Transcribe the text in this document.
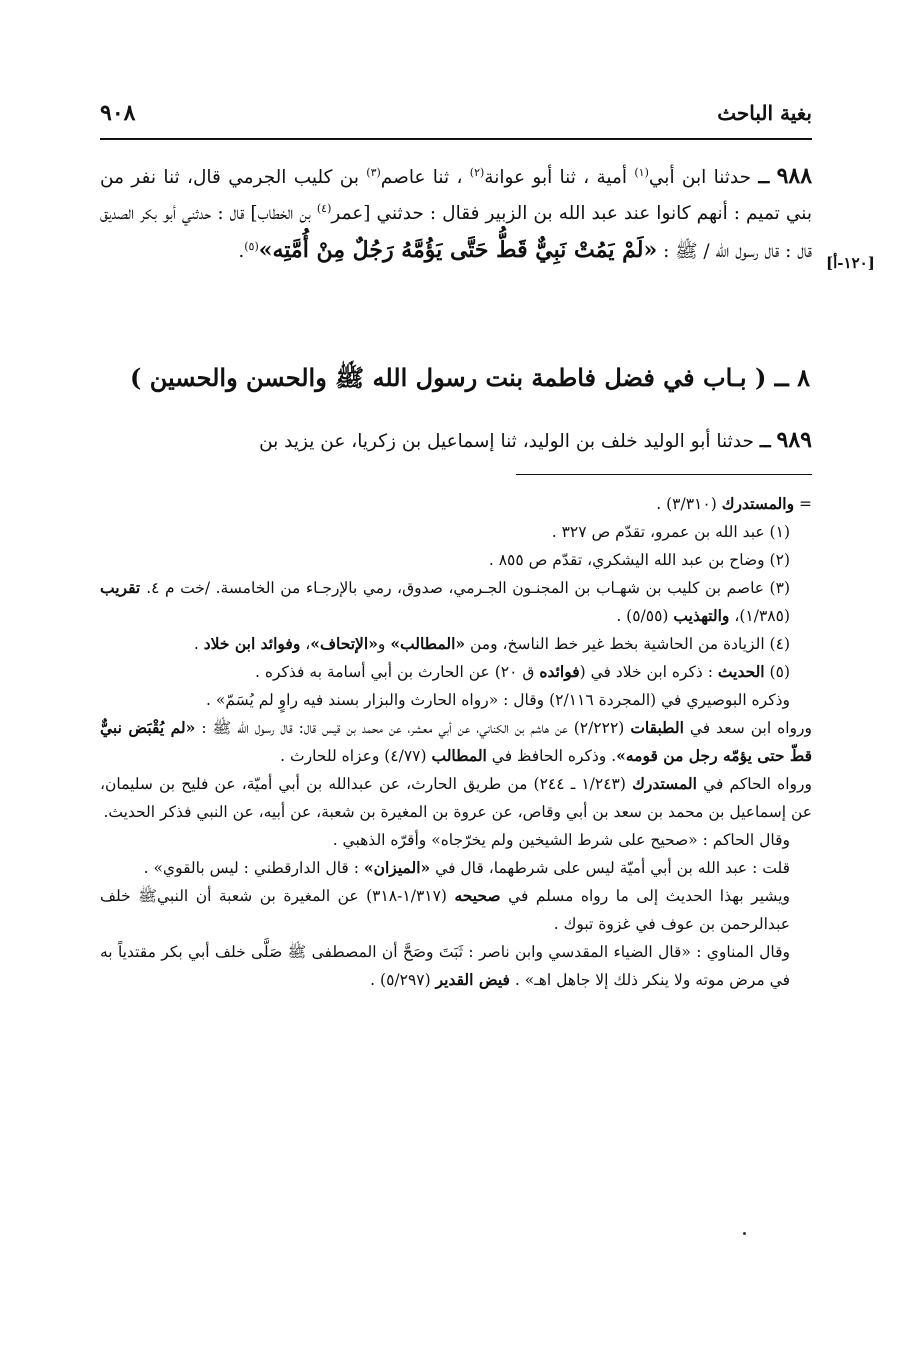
بغية الباحث
٩٠٨

٩٨٨ ــ حدثنا ابن أبي$^{(١)}$ أمية ، ثنا أبو عوانة$^{(٢)}$ ، ثنا عاصم$^{(٣)}$ بن كليب الجرمي قال، ثنا نفر من بني تميم : أنهم كانوا عند عبد الله بن الزبير فقال : حدثني [عمر$^{(٤)}$ بن الخطاب] قال : حدثني أبو بكر الصديق قال : قال رسول الله / ﷺ : «لَمْ يَمُتْ نَبِيٌّ قَطُّ حَتَّى يَؤُمَّهُ رَجُلٌ مِنْ أُمَّتِه»$^{(٥)}$.

[١٢٠-أ]
٨ ــ ( بـاب في فضل فاطمة بنت رسول الله ﷺ والحسن والحسين )
٩٨٩ ــ حدثنا أبو الوليد خلف بن الوليد، ثنا إسماعيل بن زكريا، عن يزيد بن

= والمستدرك (٣/٣١٠) .

(١) عبد الله بن عمرو، تقدّم ص ٣٢٧ .

(٢) وضاح بن عبد الله اليشكري، تقدّم ص ٨٥٥ .

(٣) عاصم بن كليب بن شهـاب بن المجنـون الجـرمي، صدوق، رمي بالإرجـاء من الخامسة. /خت م ٤. تقريب (١/٣٨٥)، والتهذيب (٥/٥٥) .

(٤) الزيادة من الحاشية بخط غير خط الناسخ، ومن «المطالب» و«الإتحاف»، وفوائد ابن خلاد .

(٥) الحديث : ذكره ابن خلاد في (فوائده ق ٢٠) عن الحارث بن أبي أسامة به فذكره .

وذكره البوصيري في (المجردة ٢/١١٦) وقال : «رواه الحارث والبزار بسند فيه راوٍ لم يُسَمّ» .

ورواه ابن سعد في الطبقات (٢/٢٢٢) عن هاشم بن الكناني، عن أبي معشر، عن محمد بن قيس قال: قال رسول الله ﷺ : «لم يُقْبَض نبيٌّ قطّ حتى يؤمّه رجل من قومه». وذكره الحافظ في المطالب (٤/٧٧) وعزاه للحارث .

ورواه الحاكم في المستدرك (١/٢٤٣ ـ ٢٤٤) من طريق الحارث، عن عبدالله بن أبي أميّة، عن فليح بن سليمان، عن إسماعيل بن محمد بن سعد بن أبي وقاص، عن عروة بن المغيرة بن شعبة، عن أبيه، عن النبي فذكر الحديث.

وقال الحاكم : «صحيح على شرط الشيخين ولم يخرّجاه» وأقرّه الذهبي .

قلت : عبد الله بن أبي أميّة ليس على شرطهما، قال في «الميزان» : قال الدارقطني : ليس بالقوي» .

ويشير بهذا الحديث إلى ما رواه مسلم في صحيحه (١/٣١٧-٣١٨) عن المغيرة بن شعبة أن النبيﷺ خلف عبدالرحمن بن عوف في غزوة تبوك .

وقال المناوي : «قال الضياء المقدسي وابن ناصر : ثَبَتَ وصَحَّ أن المصطفى ﷺ صَلَّى خلف أبي بكر مقتدياً به في مرض موته ولا ينكر ذلك إلا جاهل اهـ» . فيض القدير (٥/٢٩٧) .
